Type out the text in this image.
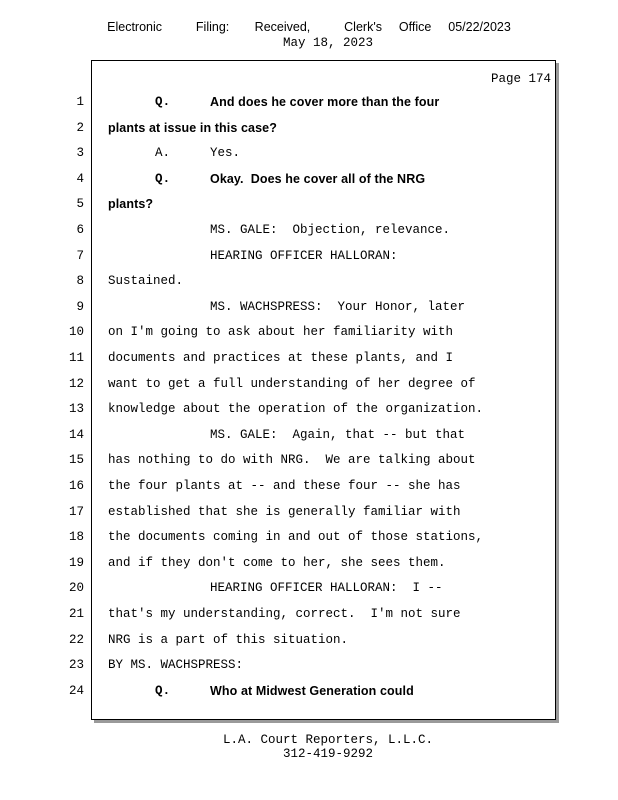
Electronic    Filing:   Received,    Clerk's  Office  05/22/2023
May 18, 2023
Page 174
1	Q.	And does he cover more than the four
2 plants at issue in this case?
3	A.	Yes.
4	Q.	Okay.  Does he cover all of the NRG
5 plants?
6	MS. GALE:  Objection, relevance.
7	HEARING OFFICER HALLORAN:
8 Sustained.
9	MS. WACHSPRESS:  Your Honor, later
10 on I'm going to ask about her familiarity with
11 documents and practices at these plants, and I
12 want to get a full understanding of her degree of
13 knowledge about the operation of the organization.
14	MS. GALE:  Again, that -- but that
15 has nothing to do with NRG.  We are talking about
16 the four plants at -- and these four -- she has
17 established that she is generally familiar with
18 the documents coming in and out of those stations,
19 and if they don't come to her, she sees them.
20	HEARING OFFICER HALLORAN:  I --
21 that's my understanding, correct.  I'm not sure
22 NRG is a part of this situation.
23 BY MS. WACHSPRESS:
24	Q.	Who at Midwest Generation could
L.A. Court Reporters, L.L.C.
312-419-9292
